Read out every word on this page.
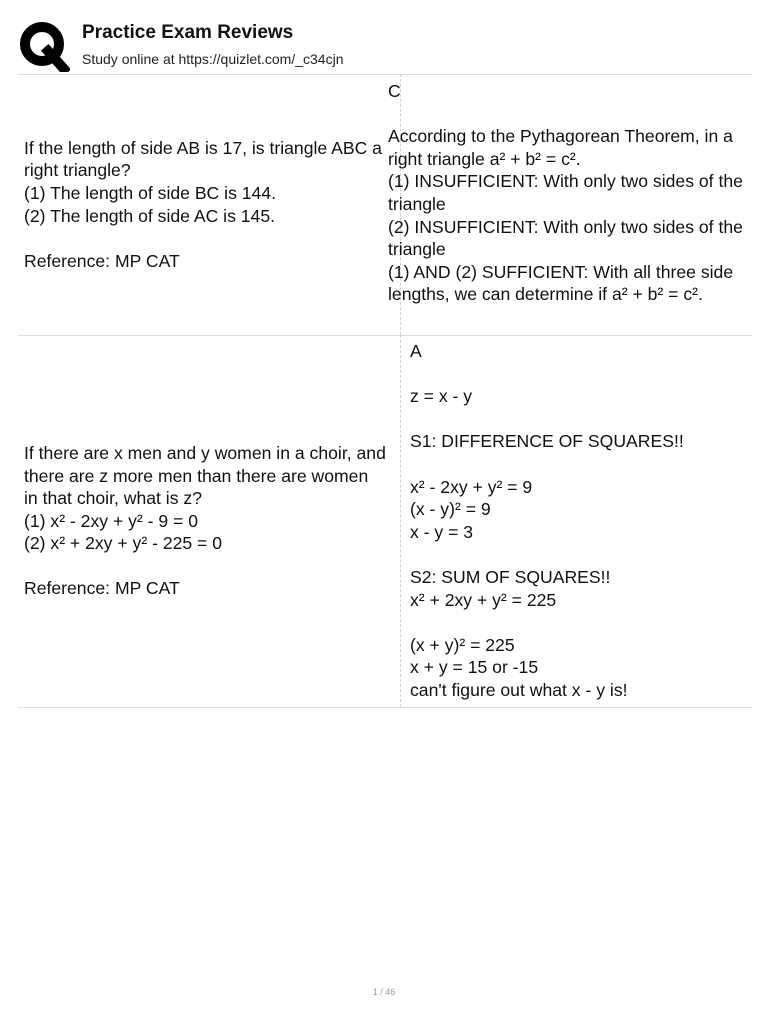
Practice Exam Reviews
Study online at https://quizlet.com/_c34cjn
If the length of side AB is 17, is triangle ABC a right triangle?
(1) The length of side BC is 144.
(2) The length of side AC is 145.

Reference: MP CAT
C

According to the Pythagorean Theorem, in a right triangle a² + b² = c².
(1) INSUFFICIENT: With only two sides of the triangle
(2) INSUFFICIENT: With only two sides of the triangle
(1) AND (2) SUFFICIENT: With all three side lengths, we can determine if a² + b² = c².
If there are x men and y women in a choir, and there are z more men than there are women in that choir, what is z?
(1) x² - 2xy + y² - 9 = 0
(2) x² + 2xy + y² - 225 = 0

Reference: MP CAT
A

z = x - y

S1: DIFFERENCE OF SQUARES!!

x² - 2xy + y² = 9
(x - y)² = 9
x - y = 3

S2: SUM OF SQUARES!!
x² + 2xy + y² = 225

(x + y)² = 225
x + y = 15 or -15
can't figure out what x - y is!
1 / 46
